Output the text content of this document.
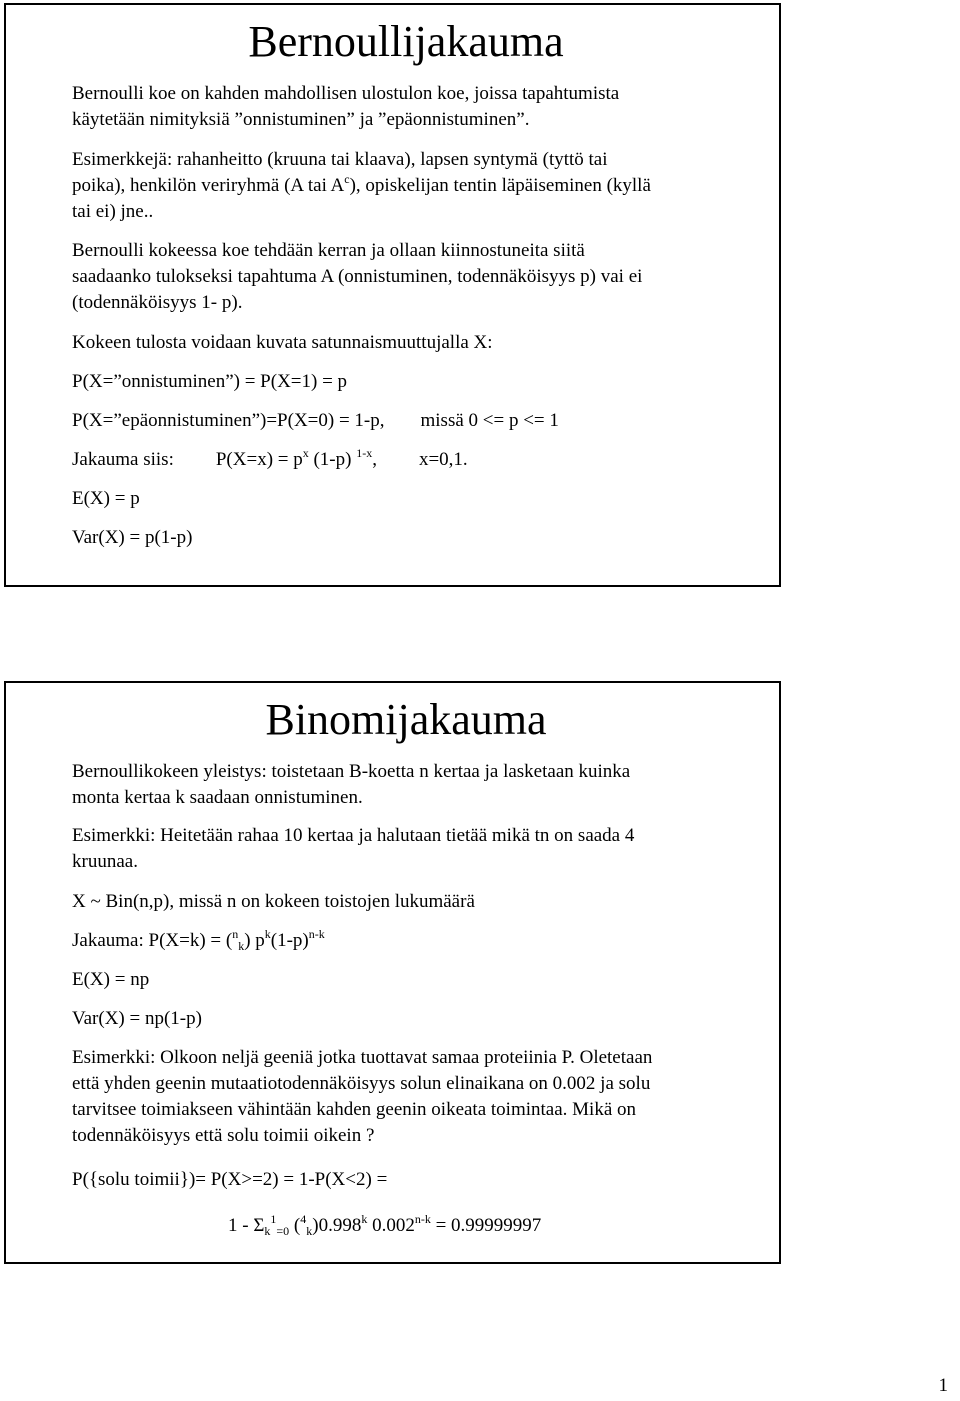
Bernoullijakauma
Bernoulli koe on kahden mahdollisen ulostulon koe, joissa tapahtumista
käytetään nimityksiä ”onnistuminen” ja ”epäonnistuminen”.
Esimerkkejä: rahanheitto (kruuna tai klaava), lapsen syntymä (tyttö tai
poika), henkilön veriryhmä (A tai $A^c$), opiskelijan tentin läpäiseminen (kyllä
tai ei) jne..
Bernoulli kokeessa koe tehdään kerran ja ollaan kiinnostuneita siitä
saadaanko tulokseksi tapahtuma A (onnistuminen, todennäköisyys p) vai ei
(todennäköisyys 1- p).
Kokeen tulosta voidaan kuvata satunnaismuuttujalla X:
P(X=”onnistuminen”) = P(X=1) = p
P(X=”epäonnistuminen”)=P(X=0) = 1-p, missä 0 <= p <= 1
Jakauma siis: $P(X=x) = p^x$ (1-p) $^{1-x}$, x=0,1.
E(X) = p
Var(X) = p(1-p)
Binomijakauma
Bernoullikokeen yleistys: toistetaan B-koetta n kertaa ja lasketaan kuinka
monta kertaa k saadaan onnistuminen.
Esimerkki: Heitetään rahaa 10 kertaa ja halutaan tietää mikä tn on saada 4
kruunaa.
X ~ Bin(n,p), missä n on kokeen toistojen lukumäärä
Jakauma: P(X=k) = ($^n_k$) $p^k(1-p)^{n-k}$
E(X) = np
Var(X) = np(1-p)
Esimerkki: Olkoon neljä geeniä jotka tuottavat samaa proteiinia P. Oletetaan
että yhden geenin mutaatiotodennäköisyys solun elinaikana on 0.002 ja solu
tarvitsee toimiakseen vähintään kahden geenin oikeata toimintaa. Mikä on
todennäköisyys että solu toimii oikein ?
P({solu toimii})= P(X>=2) = 1-P(X<2) =
$1 - \Sigma_k^1_{=0}$ $(^4_k)0.998^k$ $0.002^{n-k} = 0.99999997$
1
